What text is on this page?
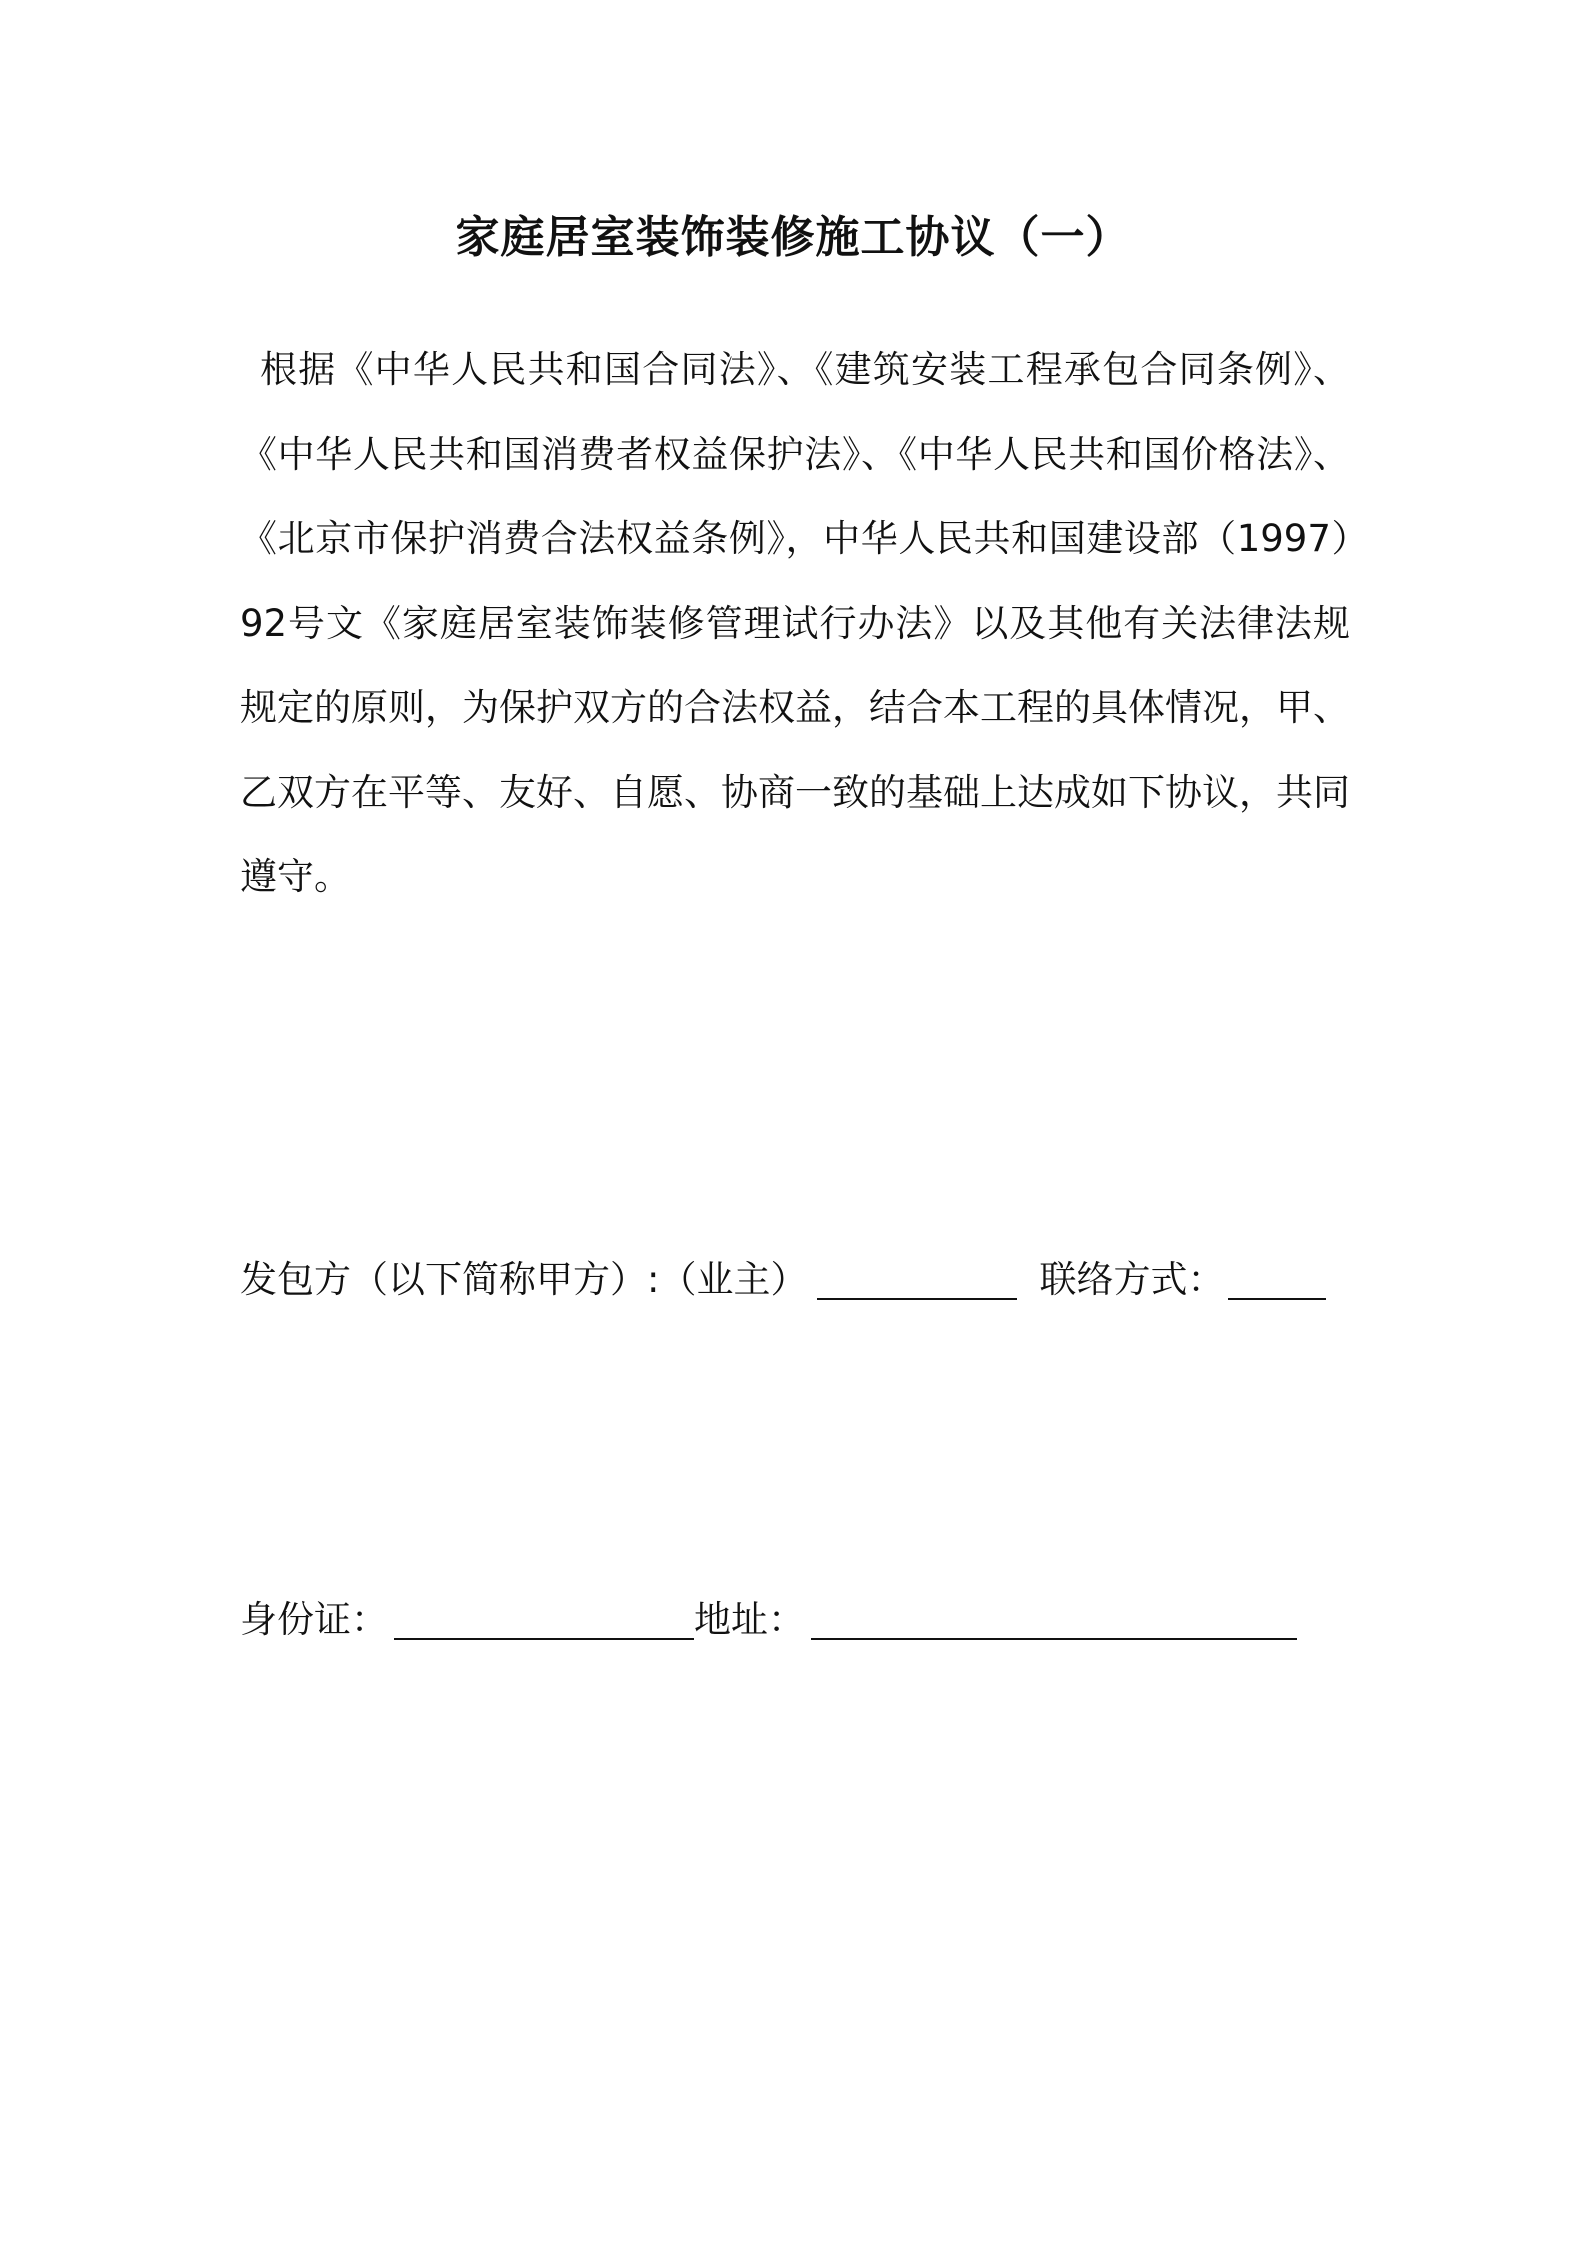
家庭居室装饰装修施工协议（一）
根据《中华人民共和国合同法》、《建筑安装工程承包合同条例》、《中华人民共和国消费者权益保护法》、《中华人民共和国价格法》、《北京市保护消费合法权益条例》，中华人民共和国建设部（1997）92号文《家庭居室装饰装修管理试行办法》以及其他有关法律法规规定的原则，为保护双方的合法权益，结合本工程的具体情况，甲、乙双方在平等、友好、自愿、协商一致的基础上达成如下协议，共同遵守。
发包方（以下简称甲方）:（业主）	联络方式：
身份证：	地址：
